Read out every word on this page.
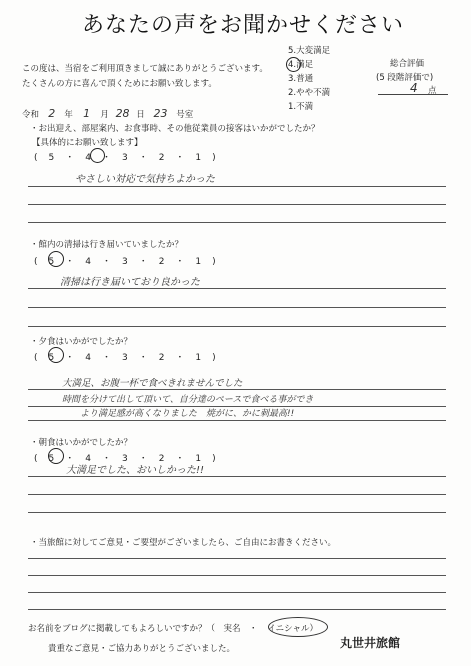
あなたの声をお聞かせください
この度は、当宿をご利用頂きまして誠にありがとうございます。
たくさんの方に喜んで頂くためにお願い致します。
5.大変満足
4.満足
3.普通
2.やや不満
1.不満
総合評価
(5 段階評価で)
4 点
令和 2 年 1 月 28 日 23 号室
・お出迎え、部屋案内、お食事時、その他従業員の接客はいかがでしたか？
【具体的にお願い致します】
(　5　・　4　・　3　・　2　・　1　)
やさしい対応で気持ちよかった
・館内の清掃は行き届いていましたか？
(　5　・　4　・　3　・　2　・　1　)
清掃は行き届いており良かった
・夕食はいかがでしたか？
(　5　・　4　・　3　・　2　・　1　)
大満足、お腹一杯で食べきれませんでした
時間を分けて出して頂いて、自分達のペースで食べる事ができ
より満足感が高くなりました　焼がに、かに刺最高!!
・朝食はいかがでしたか？
(　5　・　4　・　3　・　2　・　1　)
大満足でした、おいしかった!!
・当旅館に対してご意見・ご要望がございましたら、ご自由にお書きください。
お名前をブログに掲載してもよろしいですか？（　実名　・ イニシャル）
貴重なご意見・ご協力ありがとうございました。	丸世井旅館
